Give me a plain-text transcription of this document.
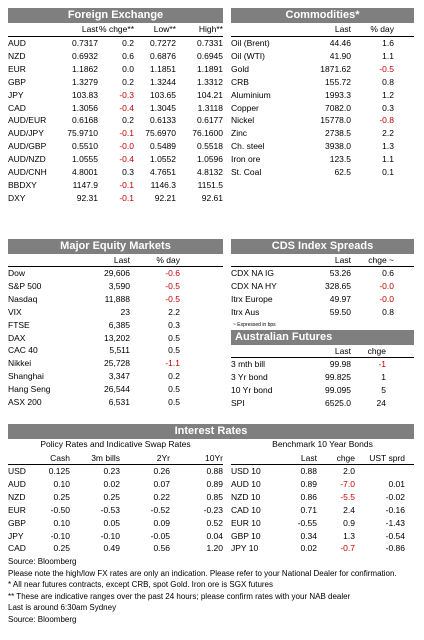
Foreign Exchange
AUD	0.7317	0.2	0.7272	0.7331
NZD	0.6932	0.6	0.6876	0.6945
EUR	1.1862	0.0	1.1851	1.1891
GBP	1.3279	0.2	1.3244	1.3312
JPY	103.83	-0.3	103.65	104.21
CAD	1.3056	-0.4	1.3045	1.3118
AUD/EUR	0.6168	0.2	0.6133	0.6177
AUD/JPY	75.9710	-0.1	75.6970	76.1600
AUD/GBP	0.5510	-0.0	0.5489	0.5518
AUD/NZD	1.0555	-0.4	1.0552	1.0596
AUD/CNH	4.8001	0.3	4.7651	4.8132
BBDXY	1147.9	-0.1	1146.3	1151.5
DXY	92.31	-0.1	92.21	92.61
	Last	% chge**	Low**	High**
Commodities*
	Last	% day	
Oil (Brent)	44.46	1.6	
Oil (WTI)	41.90	1.1	
Gold	1871.62	-0.5	
CRB	155.72	0.8	
Aluminium	1993.3	1.2	
Copper	7082.0	0.3	
Nickel	15778.0	-0.8	
Zinc	2738.5	2.2	
Ch. steel	3938.0	1.3	
Iron ore	123.5	1.1	
St. Coal	62.5	0.1	
Major Equity Markets
	Last	% day	
Dow	29,606	-0.6	
S&P 500	3,590	-0.5	
Nasdaq	11,888	-0.5	
VIX	23	2.2	
FTSE	6,385	0.3	
DAX	13,202	0.5	
CAC 40	5,511	0.5	
Nikkei	25,728	-1.1	
Shanghai	3,347	0.2	
Hang Seng	26,544	0.5	
ASX 200	6,531	0.5	
CDS Index Spreads
	Last	chge ~	
CDX NA IG	53.26	0.6	
CDX NA HY	328.65	-0.0	
Itrx Europe	49.97	-0.0	
Itrx Aus	59.50	0.8	
~ Expressed in bps
Australian Futures
	Last	chge	
3 mth bill	99.98	-1	
3 Yr bond	99.825	1	
10 Yr bond	99.095	5	
SPI	6525.0	24	
Interest Rates
Policy Rates and Indicative Swap Rates	Benchmark 10 Year Bonds
	Cash	3m bills	2Yr	10Yr
USD	0.125	0.23	0.26	0.88
AUD	0.10	0.02	0.07	0.89
NZD	0.25	0.25	0.22	0.85
EUR	-0.50	-0.53	-0.52	-0.23
GBP	0.10	0.05	0.09	0.52
JPY	-0.10	-0.10	-0.05	0.04
CAD	0.25	0.49	0.56	1.20
	Last	chge	UST sprd	
USD 10	0.88	2.0		
AUD 10	0.89	-7.0	0.01	
NZD 10	0.86	-5.5	-0.02	
CAD 10	0.71	2.4	-0.16	
EUR 10	-0.55	0.9	-1.43	
GBP 10	0.34	1.3	-0.54	
JPY 10	0.02	-0.7	-0.86	
Source: Bloomberg
Please note the high/low FX rates are only an indication. Please refer to your National Dealer for confirmation.
* All near futures contracts, except CRB, spot Gold. Iron ore is SGX futures
** These are indicative ranges over the past 24 hours; please confirm rates with your NAB dealer
Last is around 6:30am Sydney
Source: Bloomberg
